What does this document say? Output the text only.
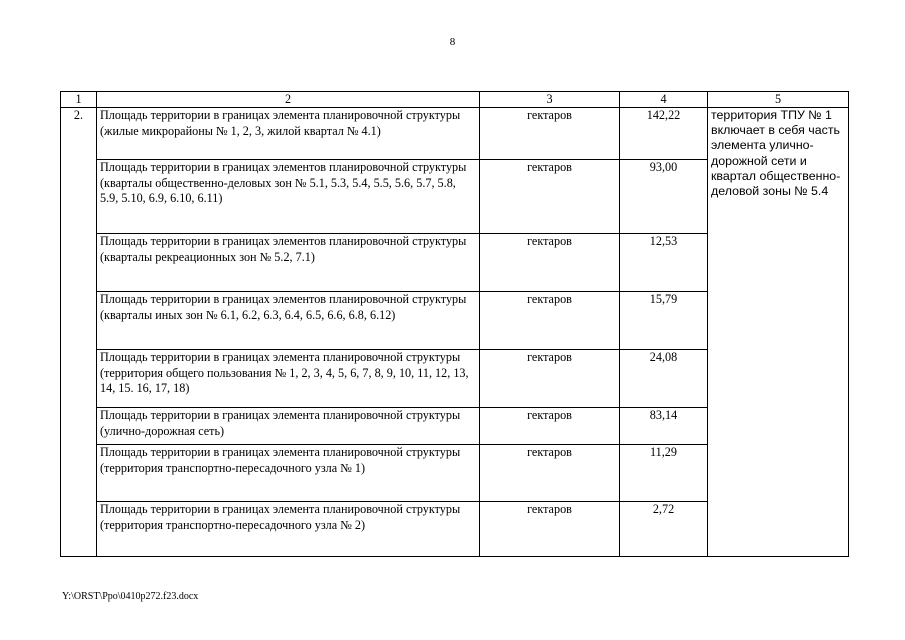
8
1	2	3	4	5
2.	Площадь территории в границах элемента планировочной структуры (жилые микрорайоны № 1, 2, 3, жилой квартал № 4.1)	гектаров	142,22	территория ТПУ № 1 включает в себя часть элемента улично-дорожной сети и квартал общественно-деловой зоны № 5.4
	Площадь территории в границах элементов планировочной структуры (кварталы общественно-деловых зон № 5.1, 5.3, 5.4, 5.5, 5.6, 5.7, 5.8, 5.9, 5.10, 6.9, 6.10, 6.11)	гектаров	93,00	
	Площадь территории в границах элементов планировочной структуры (кварталы рекреационных зон № 5.2, 7.1)	гектаров	12,53	
	Площадь территории в границах элементов планировочной структуры (кварталы иных зон № 6.1, 6.2, 6.3, 6.4, 6.5, 6.6, 6.8, 6.12)	гектаров	15,79	
	Площадь территории в границах элемента планировочной структуры (территория общего пользования № 1, 2, 3, 4, 5, 6, 7, 8, 9, 10, 11, 12, 13, 14, 15. 16, 17, 18)	гектаров	24,08	
	Площадь территории в границах элемента планировочной структуры (улично-дорожная сеть)	гектаров	83,14	
	Площадь территории в границах элемента планировочной структуры (территория транспортно-пересадочного узла № 1)	гектаров	11,29	
	Площадь территории в границах элемента планировочной структуры (территория транспортно-пересадочного узла № 2)	гектаров	2,72	
Y:\ORST\Ppo\0410p272.f23.docx
